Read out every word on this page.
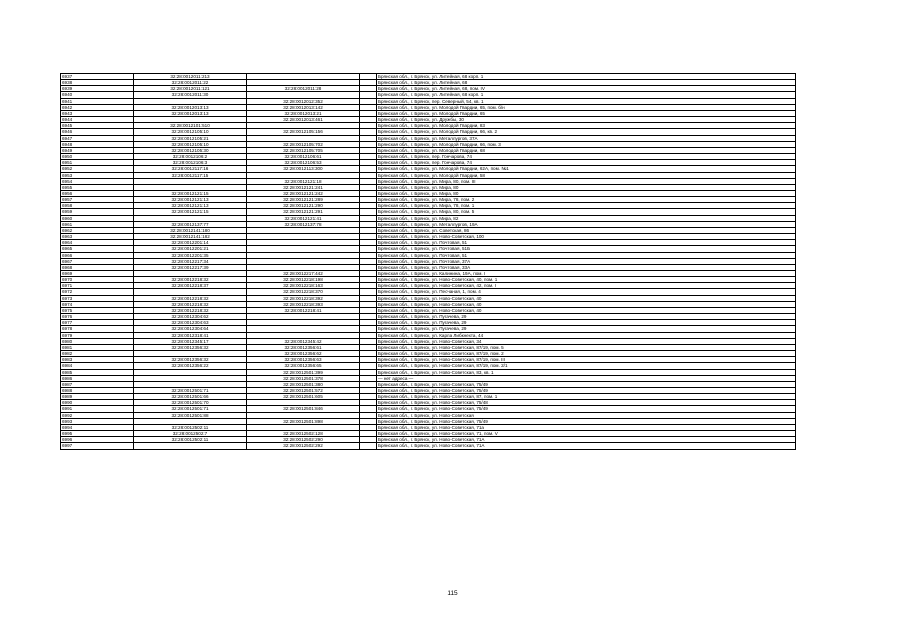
6937	32:28:0012011:213			Брянская обл., г. Брянск, ул. Литейная, 68 корп. 1
6938	32:28:0012011:22			Брянская обл., г. Брянск, ул. Литейная, 68
6939	32:28:0012011:121	32:28:0012011:28		Брянская обл., г. Брянск, ул. Литейная, 68, пом. IV
6940	32:28:0012011:30			Брянская обл., г. Брянск, ул. Литейная, 68 корп. 1
6941		32:28:0012012:352		Брянская обл., г. Брянск, пер. Северный, 54, кв. 1
6942	32:28:0012013:13	32:28:0012013:142		Брянская обл., г. Брянск, ул. Молодой Гвардии, 65, пом. б/н
6943	32:28:0012013:13	32:28:0012013:21		Брянская обл., г. Брянск, ул. Молодой Гвардии, 65
6944		32:28:0012013:461		Брянская обл., г. Брянск, ул. Дружбы, 30
6945	32:28:0012101:510			Брянская обл., г. Брянск, ул. Молодой Гвардии, 83
6946	32:28:0012105:10	32:28:0012105:156		Брянская обл., г. Брянск, ул. Молодой Гвардии, 66, кв. 2
6947	32:28:0012105:21			Брянская обл., г. Брянск, ул. Металлургов, 37А
6948	32:28:0012105:10	32:28:0012105:702		Брянская обл., г. Брянск, ул. Молодой Гвардии, 66, пом. 3
6949	32:28:0012105:30	32:28:0012105:705		Брянская обл., г. Брянск, ул. Молодой Гвардии, 68
6950	32:28:0012106:2	32:28:0012106:61		Брянская обл., г. Брянск, пер. Гончарова, 74
6951	32:28:0012106:3	32:28:0012106:53		Брянская обл., г. Брянск, пер. Гончарова, 74
6952	32:28:0012117:16	32:28:0012113:300		Брянская обл., г. Брянск, ул. Молодой Гвардии, 62А, пом. №1
6953	32:28:0012117:15			Брянская обл., г. Брянск, ул. Молодой Гвардии, 58
6954		32:28:0012121:18		Брянская обл., г. Брянск, ул. Мира, 80, пом. III
6955		32:28:0012121:241		Брянская обл., г. Брянск, ул. Мира, 80
6956	32:28:0012121:15	32:28:0012121:242		Брянская обл., г. Брянск, ул. Мира, 80
6957	32:28:0012121:13	32:28:0012121:289		Брянская обл., г. Брянск, ул. Мира, 78, пом. 2
6958	32:28:0012121:13	32:28:0012121:290		Брянская обл., г. Брянск, ул. Мира, 78, пом. 1
6959	32:28:0012121:15	32:28:0012121:291		Брянская обл., г. Брянск, ул. Мира, 80, пом. 5
6960		32:28:0012121:41		Брянская обл., г. Брянск, ул. Мира, 82
6961	32:28:0012137:77	32:28:0012137:78		Брянская обл., г. Брянск, ул. Металлургов, 19А
6962	32:28:0012141:180			Брянская обл., г. Брянск, ул. Советская, 86
6963	32:28:0012141:182			Брянская обл., г. Брянск, ул. Ново-Советская, 100
6964	32:28:0012201:14			Брянская обл., г. Брянск, ул. Почтовая, 51
6965	32:28:0012201:21			Брянская обл., г. Брянск, ул. Почтовая, 51Б
6966	32:28:0012201:35			Брянская обл., г. Брянск, ул. Почтовая, 51
6967	32:28:0012217:34			Брянская обл., г. Брянск, ул. Почтовая, 37А
6968	32:28:0012217:39			Брянская обл., г. Брянск, ул. Почтовая, 33А
6969		32:28:0012217:442		Брянская обл., г. Брянск, ул. Калинина, 19А, пом. I
6970	32:28:0012218:32	32:28:0012218:198		Брянская обл., г. Брянск, ул. Ново-Советская, 40, пом. 1
6971	32:28:0012218:37	32:28:0012218:163		Брянская обл., г. Брянск, ул. Ново-Советская, 42, пом. I
6972		32:28:0012218:370		Брянская обл., г. Брянск, ул. Песчаная, 1, пом. 4
6973	32:28:0012218:32	32:28:0012218:392		Брянская обл., г. Брянск, ул. Ново-Советская, 40
6974	32:28:0012218:32	32:28:0012218:393		Брянская обл., г. Брянск, ул. Ново-Советская, 40
6975	32:28:0012218:32	32:28:0012218:41		Брянская обл., г. Брянск, ул. Ново-Советская, 40
6976	32:28:0012304:62			Брянская обл., г. Брянск, ул. Пугачева, 29
6977	32:28:0012304:63			Брянская обл., г. Брянск, ул. Пугачева, 29
6978	32:28:0012304:64			Брянская обл., г. Брянск, ул. Пугачева, 29
6979	32:28:0012318:41			Брянская обл., г. Брянск, ул. Карла Либкнехта, 44
6980	32:28:0012345:17	32:28:0012345:42		Брянская обл., г. Брянск, ул. Ново-Советская, 34
6981	32:28:0012356:32	32:28:0012356:61		Брянская обл., г. Брянск, ул. Ново-Советская, 87/19, пом. 5
6982		32:28:0012356:62		Брянская обл., г. Брянск, ул. Ново-Советская, 87/19, пом. 2
6983	32:28:0012356:32	32:28:0012356:63		Брянская обл., г. Брянск, ул. Ново-Советская, 87/19, пом. III
6984	32:28:0012356:22	32:28:0012356:65		Брянская обл., г. Брянск, ул. Ново-Советская, 87/19, пом. 2/1
6985		32:28:0012501:399		Брянская обл., г. Брянск, ул. Ново-Советская, 83, кв. 1
6986		32:28:0012501:378		— нет адреса —
6987		32:28:0012501:380		Брянская обл., г. Брянск, ул. Ново-Советская, 75/49
6988	32:28:0012501:71	32:28:0012501:572		Брянская обл., г. Брянск, ул. Ново-Советская, 75/49
6989	32:28:0012501:66	32:28:0012501:605		Брянская обл., г. Брянск, ул. Ново-Советская, 87, пом. 1
6990	32:28:0012501:70			Брянская обл., г. Брянск, ул. Ново-Советская, 75/48
6991	32:28:0012501:71	32:28:0012501:846		Брянская обл., г. Брянск, ул. Ново-Советская, 75/49
6992	32:28:0012501:88			Брянская обл., г. Брянск, ул. Ново-Советская
6993		32:28:0012501:898		Брянская обл., г. Брянск, ул. Ново-Советская, 75/49
6994	32:28:0012502:11			Брянская обл., г. Брянск, ул. Ново-Советская, 71а
6995	32:28:0012502:7	32:28:0012502:128		Брянская обл., г. Брянск, ул. Ново-Советская, 71, пом. V
6996	32:28:0012502:11	32:28:0012502:290		Брянская обл., г. Брянск, ул. Ново-Советская, 71А
6997		32:28:0012502:292		Брянская обл., г. Брянск, ул. Ново-Советская, 71А
115
